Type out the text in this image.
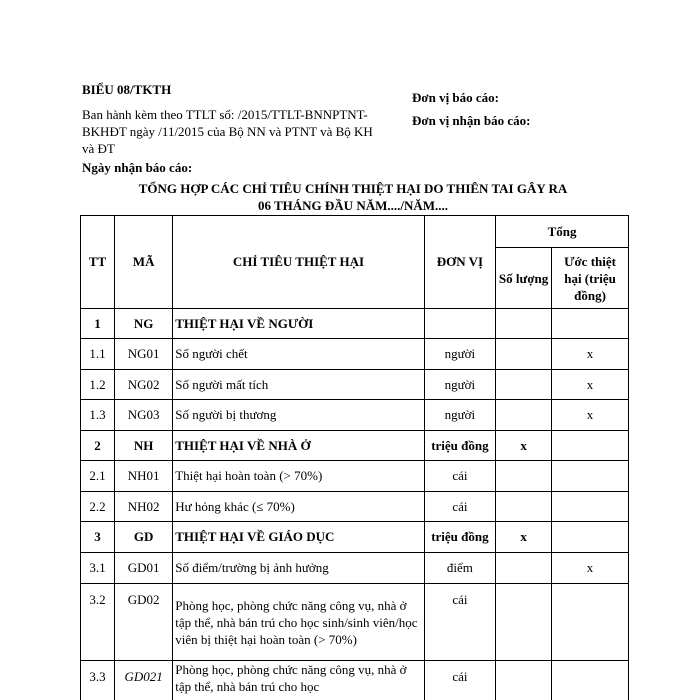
BIỂU 08/TKTH
Ban hành kèm theo TTLT số: /2015/TTLT-BNNPTNT-
BKHĐT ngày /11/2015 của Bộ NN và PTNT và Bộ KH
và ĐT
Đơn vị báo cáo:
Đơn vị nhận báo cáo:
Ngày nhận báo cáo:
TỔNG HỢP CÁC CHỈ TIÊU CHÍNH THIỆT HẠI DO THIÊN TAI GÂY RA
06 THÁNG ĐẦU NĂM..../NĂM....
TT	MÃ	CHỈ TIÊU THIỆT HẠI	ĐƠN VỊ	Tổng	
				Số lượng	Ước thiệt hại (triệu đồng)
1	NG	THIỆT HẠI VỀ NGƯỜI			
1.1	NG01	Số người chết	người		x
1.2	NG02	Số người mất tích	người		x
1.3	NG03	Số người bị thương	người		x
2	NH	THIỆT HẠI VỀ NHÀ Ở	triệu đồng	x	
2.1	NH01	Thiệt hại hoàn toàn (> 70%)	cái		
2.2	NH02	Hư hỏng khác (≤ 70%)	cái		
3	GD	THIỆT HẠI VỀ GIÁO DỤC	triệu đồng	x	
3.1	GD01	Số điểm/trường bị ảnh hưởng	điểm		x
3.2	GD02	Phòng học, phòng chức năng công vụ, nhà ở tập thể, nhà bán trú cho học sinh/sinh viên/học viên bị thiệt hại hoàn toàn (> 70%)	cái		
3.3	GD021	Phòng học, phòng chức năng công vụ, nhà ở tập thể, nhà bán trú cho học	cái		
